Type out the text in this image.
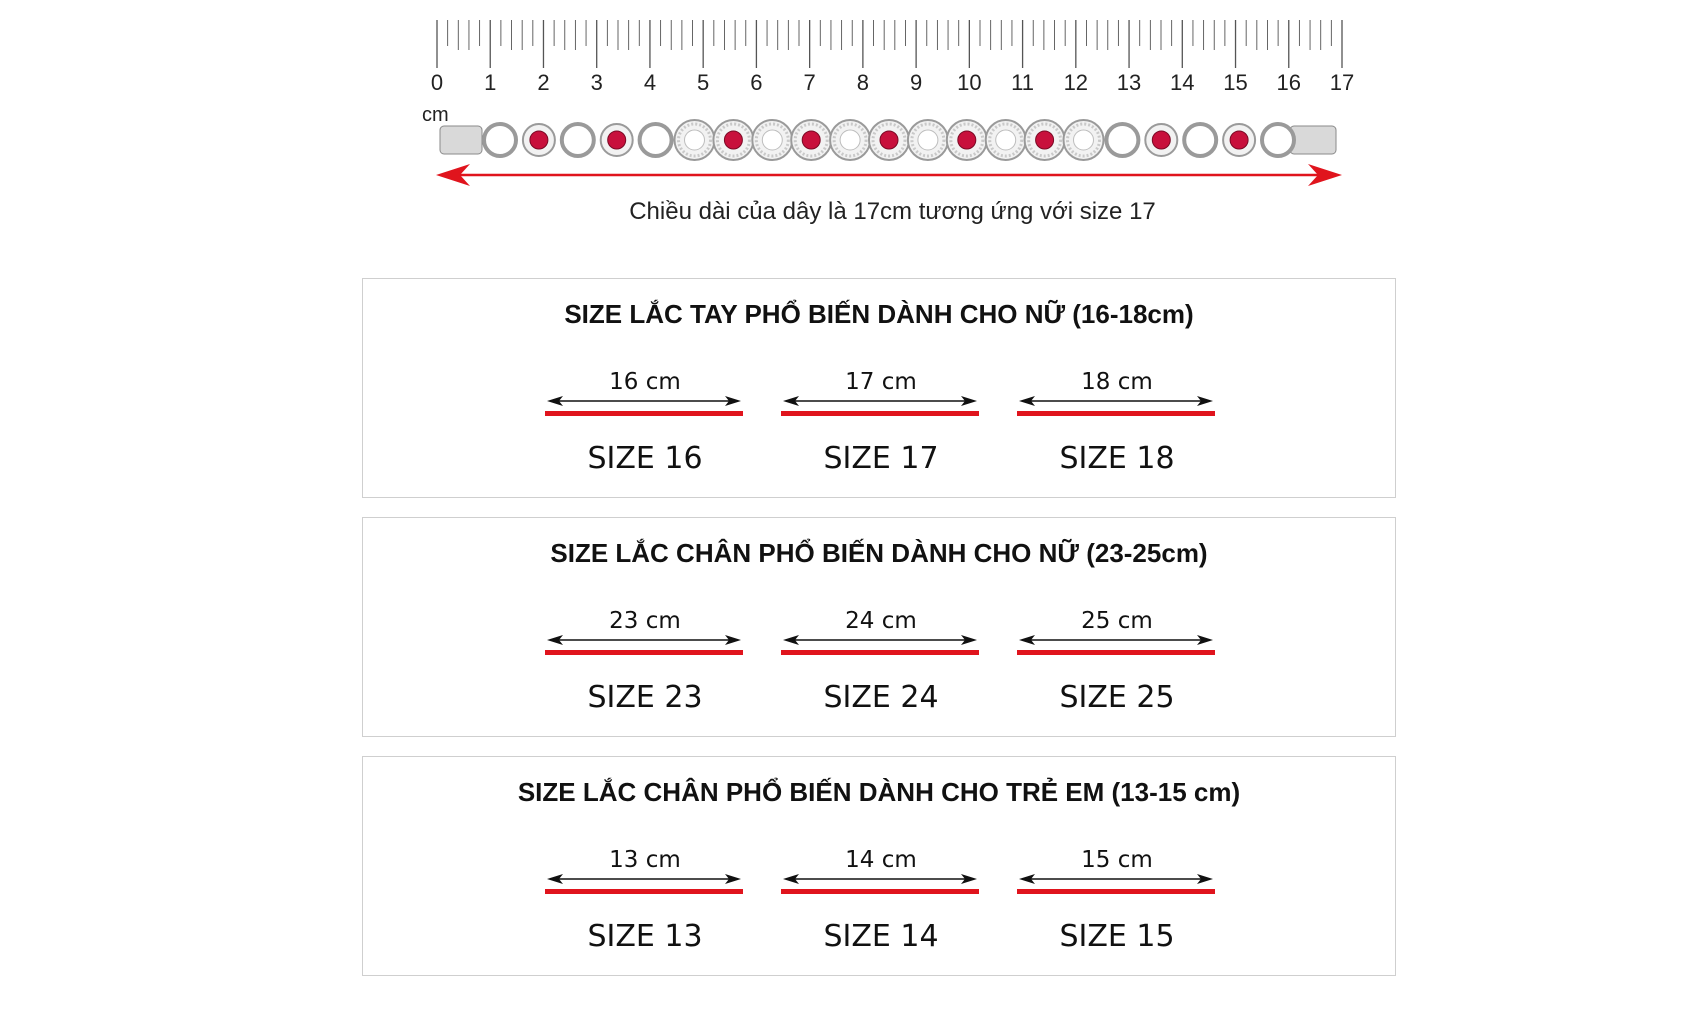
0	1	2	3	4	5	6	7	8	9	10	11	12	13	14	15	16	17
cm
Chiều dài của dây là 17cm tương ứng với size 17
SIZE LẮC TAY PHỔ BIẾN DÀNH CHO NỮ (16-18cm)
16 cm
SIZE 16
17 cm
SIZE 17
18 cm
SIZE 18
SIZE LẮC CHÂN PHỔ BIẾN DÀNH CHO NỮ (23-25cm)
23 cm
SIZE 23
24 cm
SIZE 24
25 cm
SIZE 25
SIZE LẮC CHÂN PHỔ BIẾN DÀNH CHO TRẺ EM (13-15 cm)
13 cm
SIZE 13
14 cm
SIZE 14
15 cm
SIZE 15
